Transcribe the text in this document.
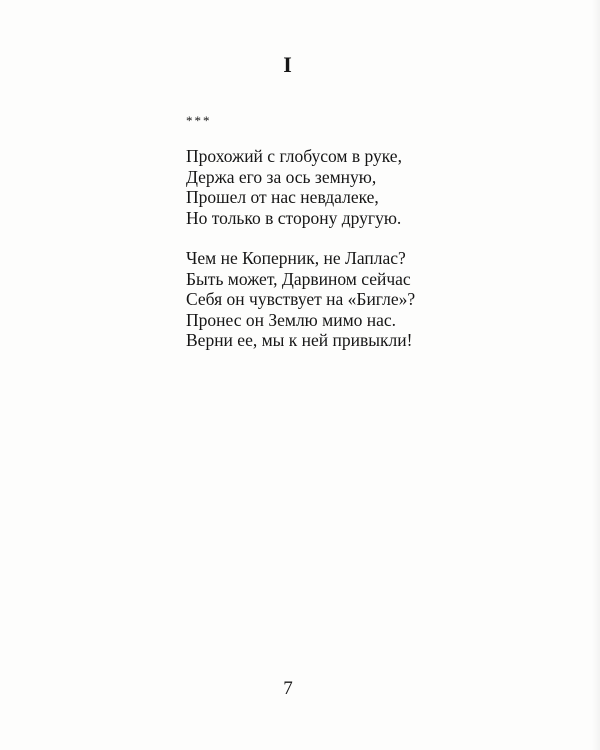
I
***
Прохожий с глобусом в руке,
Держа его за ось земную,
Прошел от нас невдалеке,
Но только в сторону другую.
Чем не Коперник, не Лаплас?
Быть может, Дарвином сейчас
Себя он чувствует на «Бигле»?
Пронес он Землю мимо нас.
Верни ее, мы к ней привыкли!
7
